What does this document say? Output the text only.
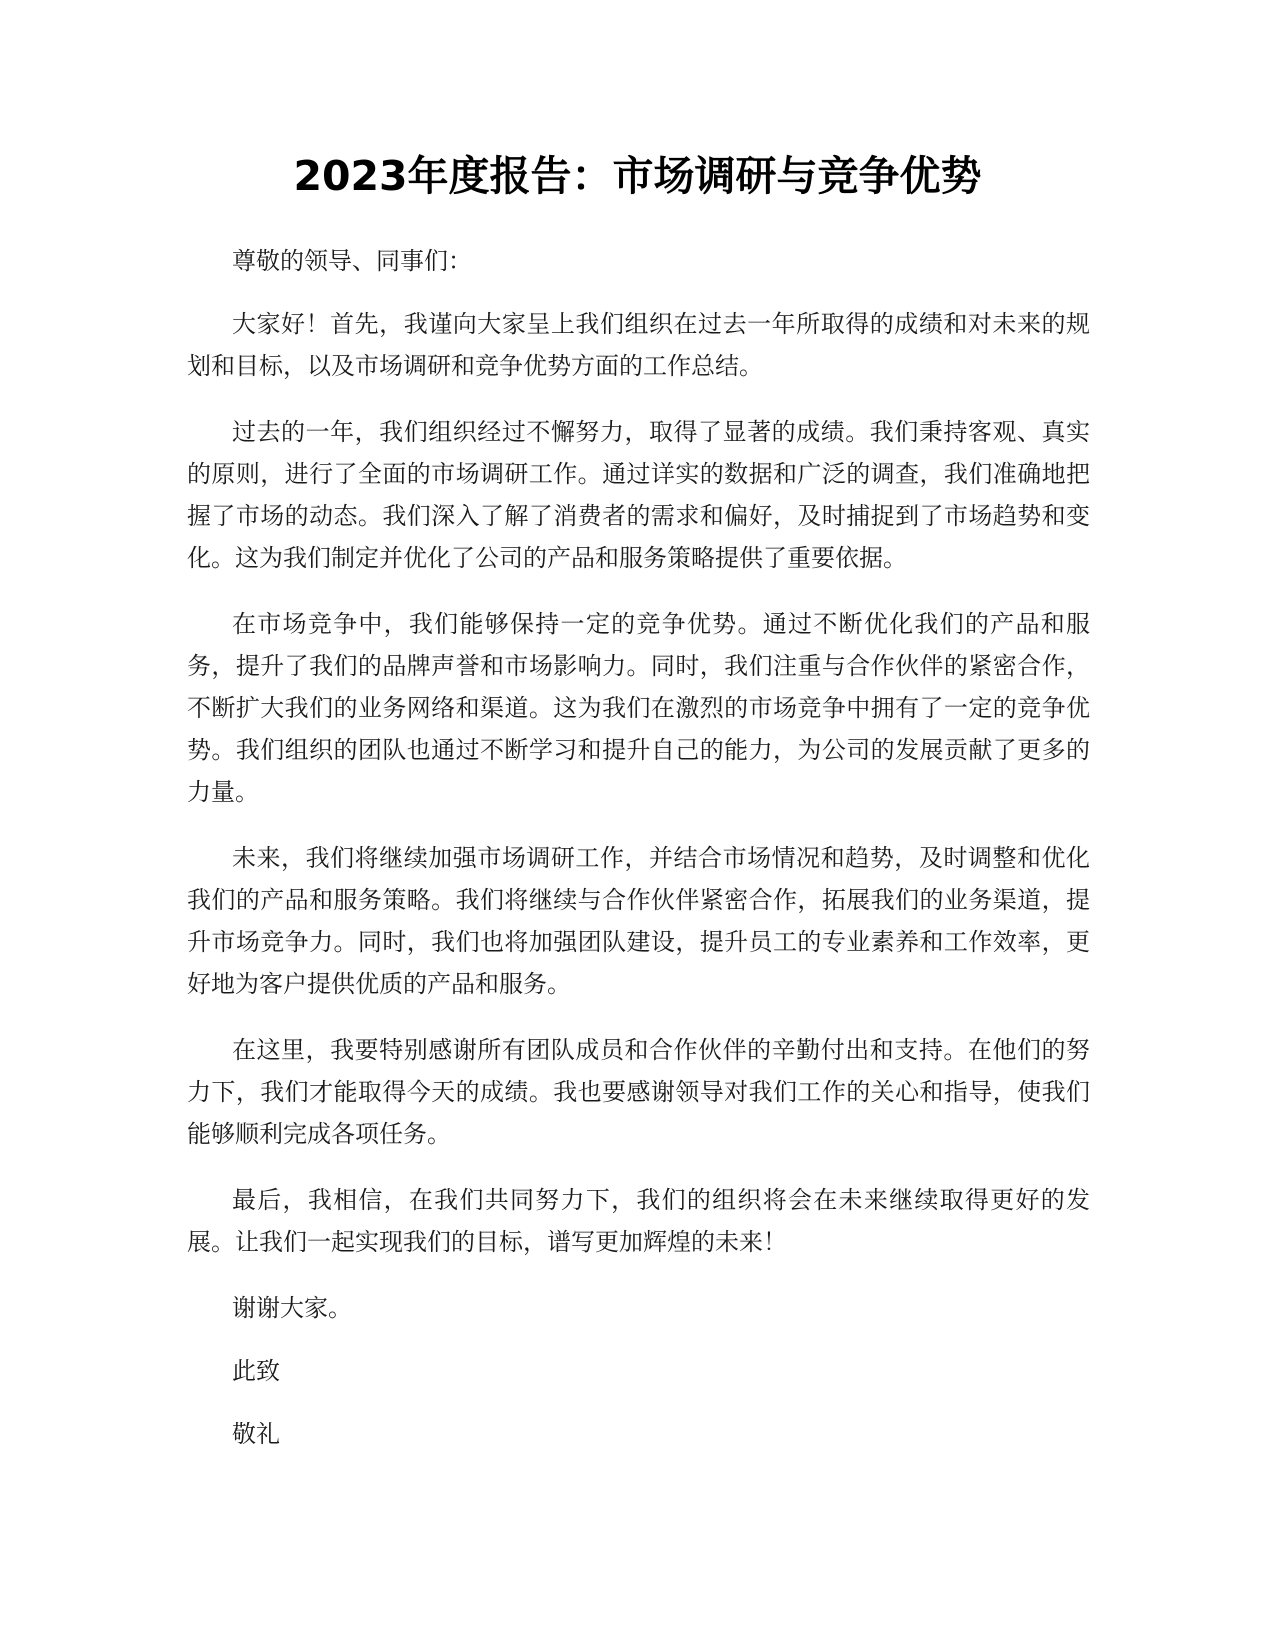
2023年度报告：市场调研与竞争优势

尊敬的领导、同事们：

大家好！首先，我谨向大家呈上我们组织在过去一年所取得的成绩和对未来的规划和目标，以及市场调研和竞争优势方面的工作总结。

过去的一年，我们组织经过不懈努力，取得了显著的成绩。我们秉持客观、真实的原则，进行了全面的市场调研工作。通过详实的数据和广泛的调查，我们准确地把握了市场的动态。我们深入了解了消费者的需求和偏好，及时捕捉到了市场趋势和变化。这为我们制定并优化了公司的产品和服务策略提供了重要依据。

在市场竞争中，我们能够保持一定的竞争优势。通过不断优化我们的产品和服务，提升了我们的品牌声誉和市场影响力。同时，我们注重与合作伙伴的紧密合作，不断扩大我们的业务网络和渠道。这为我们在激烈的市场竞争中拥有了一定的竞争优势。我们组织的团队也通过不断学习和提升自己的能力，为公司的发展贡献了更多的力量。

未来，我们将继续加强市场调研工作，并结合市场情况和趋势，及时调整和优化我们的产品和服务策略。我们将继续与合作伙伴紧密合作，拓展我们的业务渠道，提升市场竞争力。同时，我们也将加强团队建设，提升员工的专业素养和工作效率，更好地为客户提供优质的产品和服务。

在这里，我要特别感谢所有团队成员和合作伙伴的辛勤付出和支持。在他们的努力下，我们才能取得今天的成绩。我也要感谢领导对我们工作的关心和指导，使我们能够顺利完成各项任务。

最后，我相信，在我们共同努力下，我们的组织将会在未来继续取得更好的发展。让我们一起实现我们的目标，谱写更加辉煌的未来！

谢谢大家。

此致

敬礼
